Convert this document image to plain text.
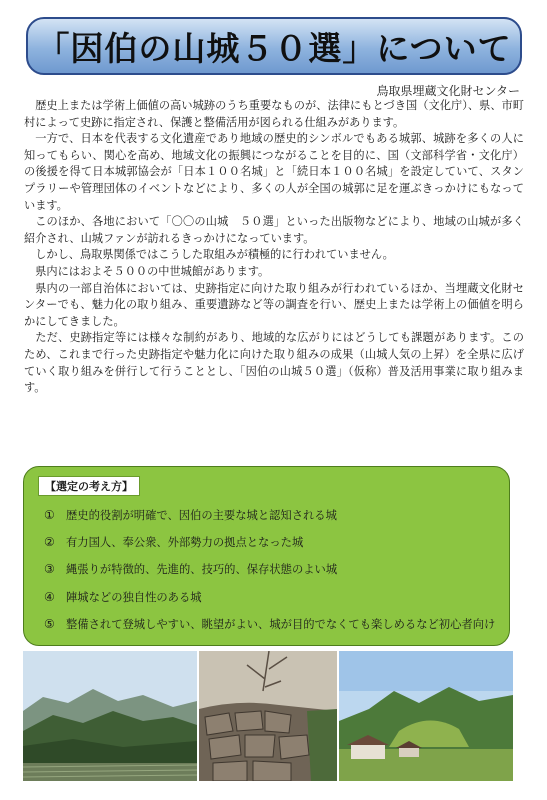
「因伯の山城５０選」について
鳥取県埋蔵文化財センター

歴史上または学術上価値の高い城跡のうち重要なものが、法律にもとづき国（文化庁）、県、市町村によって史跡に指定され、保護と整備活用が図られる仕組みがあります。

一方で、日本を代表する文化遺産であり地域の歴史的シンボルでもある城郭、城跡を多くの人に知ってもらい、関心を高め、地域文化の振興につながることを目的に、国（文部科学省・文化庁）の後援を得て日本城郭協会が「日本１００名城」と「続日本１００名城」を設定していて、スタンプラリーや管理団体のイベントなどにより、多くの人が全国の城郭に足を運ぶきっかけにもなっています。

このほか、各地において「〇〇の山城　５０選」といった出版物などにより、地域の山城が多く紹介され、山城ファンが訪れるきっかけになっています。

しかし、鳥取県関係ではこうした取組みが積極的に行われていません。

県内にはおよそ５００の中世城館があります。

県内の一部自治体においては、史跡指定に向けた取り組みが行われているほか、当埋蔵文化財センターでも、魅力化の取り組み、重要遺跡など等の調査を行い、歴史上または学術上の価値を明らかにしてきました。

ただ、史跡指定等には様々な制約があり、地域的な広がりにはどうしても課題があります。このため、これまで行った史跡指定や魅力化に向けた取り組みの成果（山城人気の上昇）を全県に広げていく取り組みを併行して行うこととし、「因伯の山城５０選」（仮称）普及活用事業に取り組みます。

【選定の考え方】
① 歴史的役割が明確で、因伯の主要な城と認知される城
② 有力国人、奉公衆、外部勢力の拠点となった城
③ 縄張りが特徴的、先進的、技巧的、保存状態のよい城
④ 陣城などの独自性のある城
⑤ 整備されて登城しやすい、眺望がよい、城が目的でなくても楽しめるなど初心者向け
